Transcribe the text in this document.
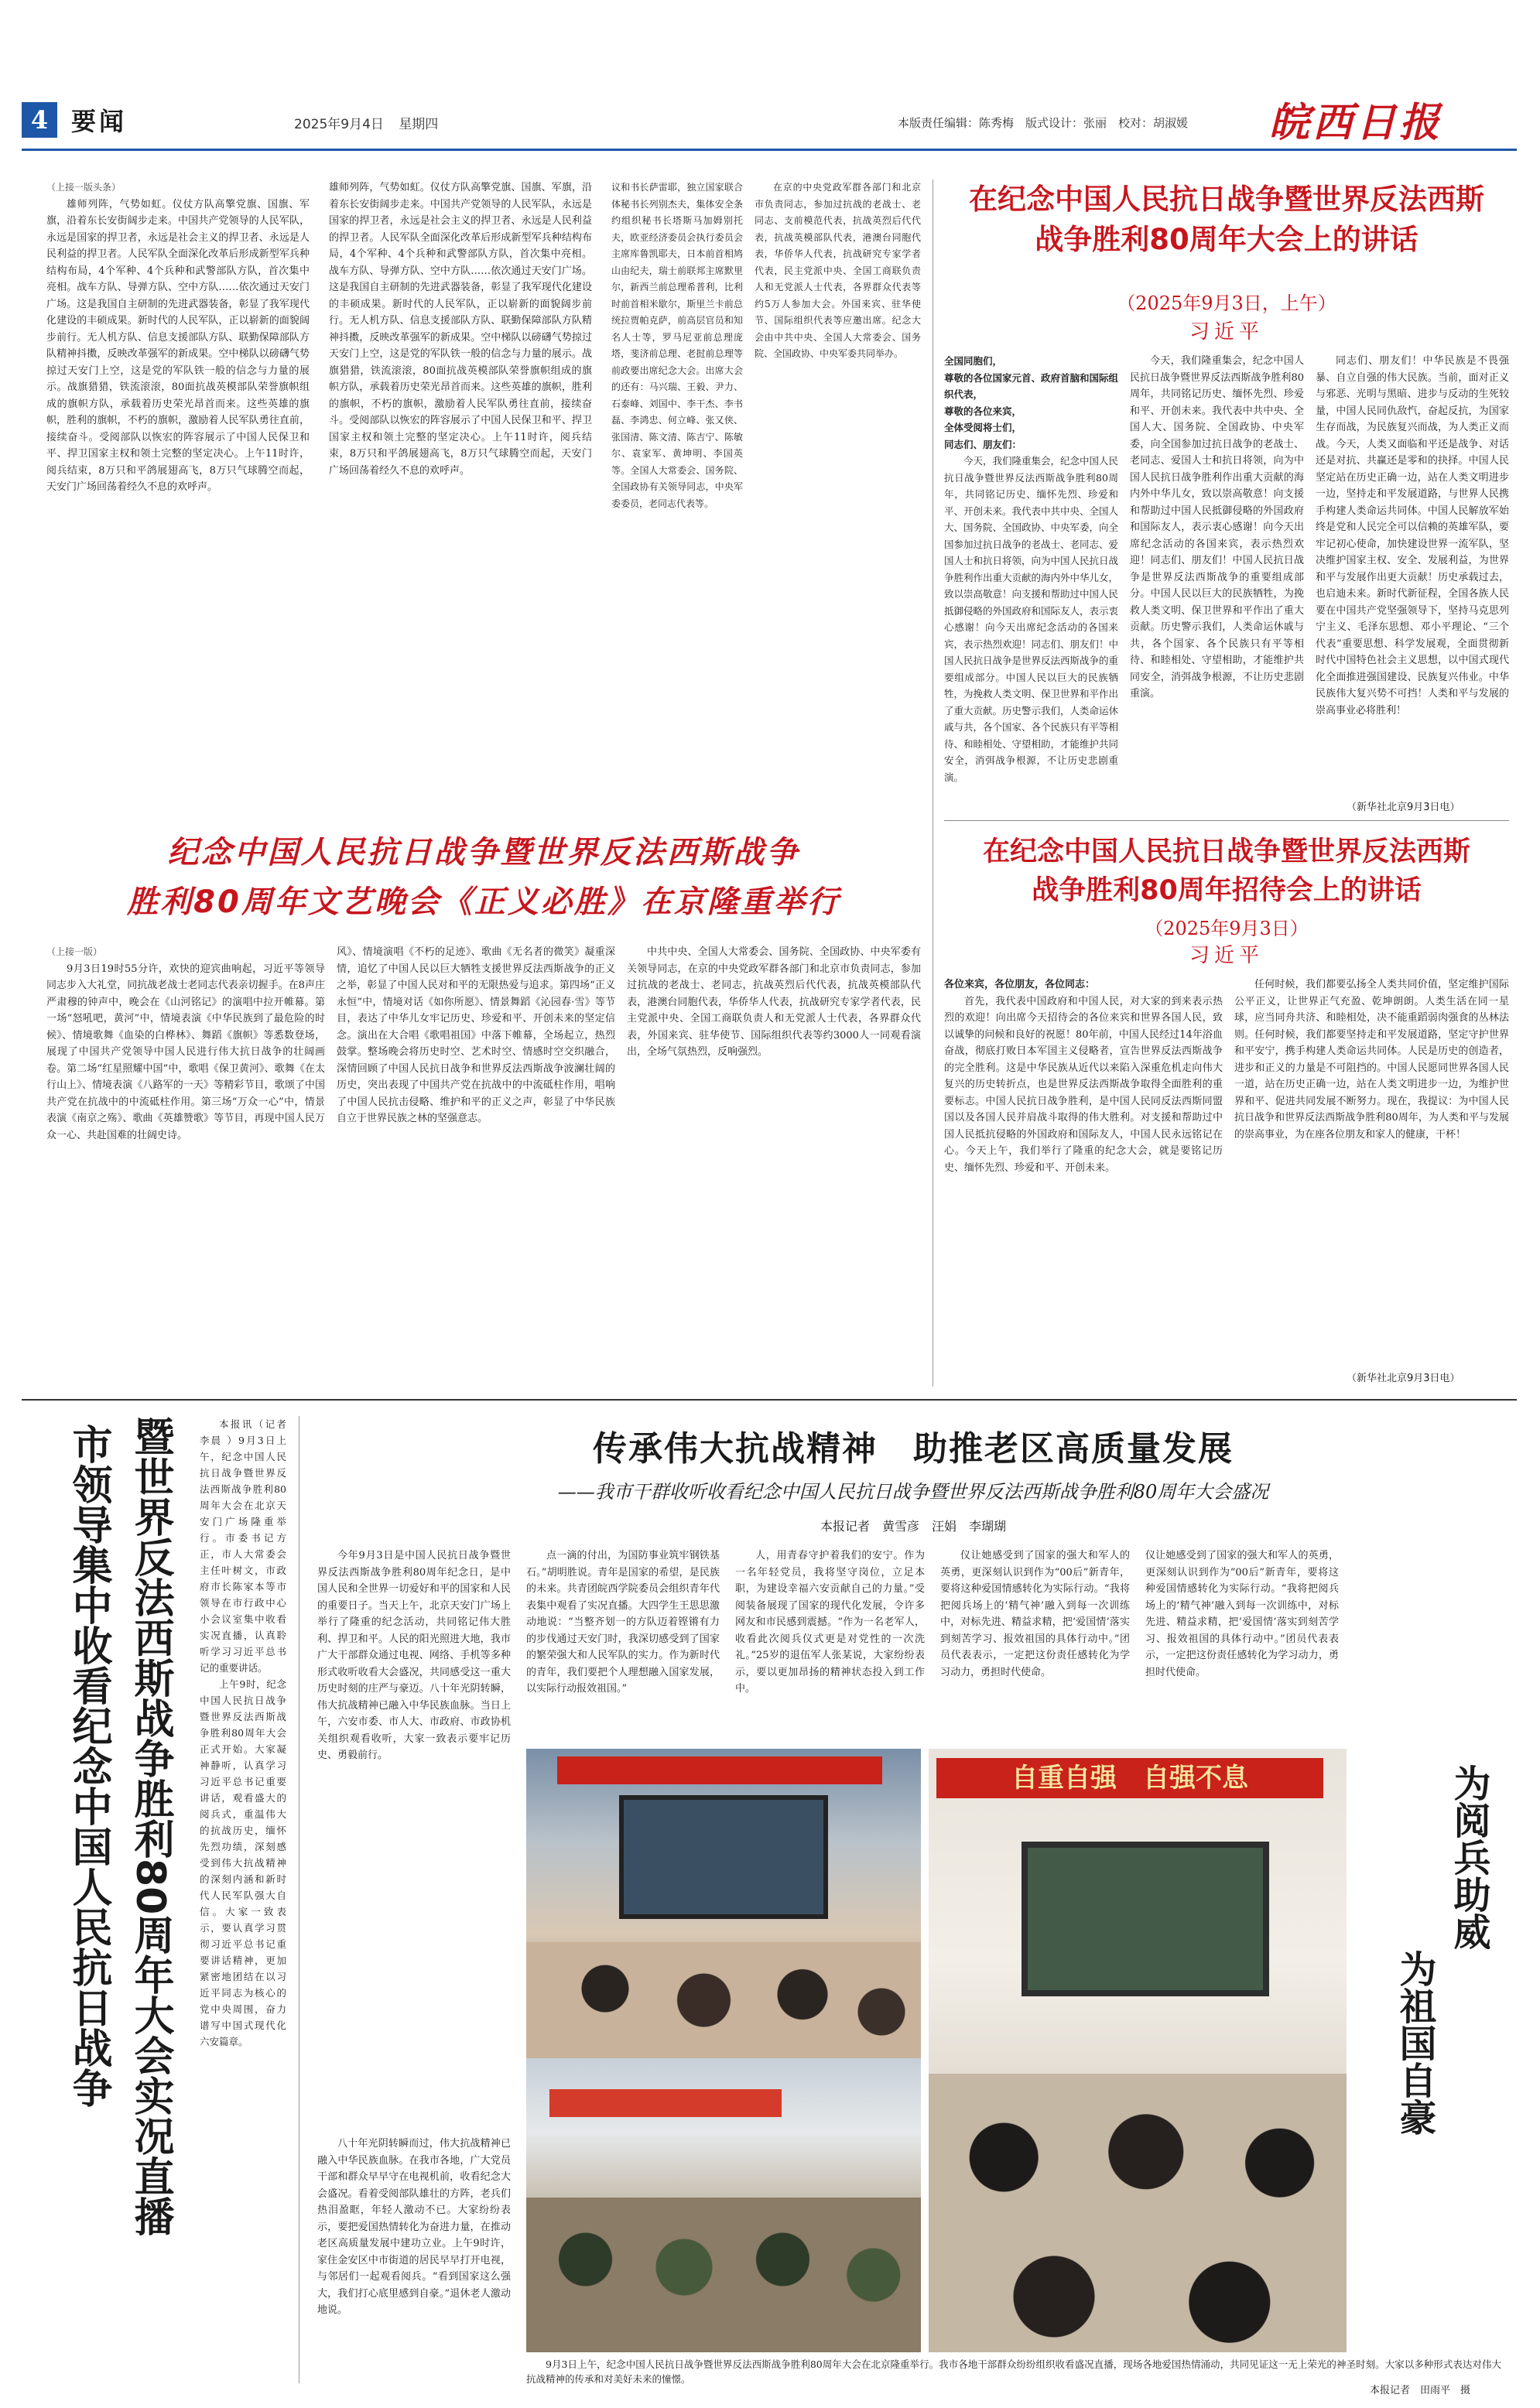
4 要闻	2025年9月4日 星期四	本版责任编辑：陈秀梅　版式设计：张丽　校对：胡淑媛 皖西日报
（上接一版头条）

雄师列阵，气势如虹。仪仗方队高擎党旗、国旗、军旗，沿着东长安街阔步走来。中国共产党领导的人民军队，永远是国家的捍卫者，永远是社会主义的捍卫者、永远是人民利益的捍卫者。人民军队全面深化改革后形成新型军兵种结构布局，4个军种、4个兵种和武警部队方队，首次集中亮相。战车方队、导弹方队、空中方队……依次通过天安门广场。这是我国自主研制的先进武器装备，彰显了我军现代化建设的丰硕成果。新时代的人民军队，正以崭新的面貌阔步前行。无人机方队、信息支援部队方队、联勤保障部队方队精神抖擞，反映改革强军的新成果。空中梯队以磅礴气势掠过天安门上空，这是党的军队铁一般的信念与力量的展示。战旗猎猎，铁流滚滚，80面抗战英模部队荣誉旗帜组成的旗帜方队，承载着历史荣光昂首而来。这些英雄的旗帜，胜利的旗帜，不朽的旗帜，激励着人民军队勇往直前，接续奋斗。受阅部队以恢宏的阵容展示了中国人民保卫和平、捍卫国家主权和领土完整的坚定决心。上午11时许，阅兵结束，8万只和平鸽展翅高飞，8万只气球腾空而起，天安门广场回荡着经久不息的欢呼声。

雄师列阵，气势如虹。仪仗方队高擎党旗、国旗、军旗，沿着东长安街阔步走来。中国共产党领导的人民军队，永远是国家的捍卫者，永远是社会主义的捍卫者、永远是人民利益的捍卫者。人民军队全面深化改革后形成新型军兵种结构布局，4个军种、4个兵种和武警部队方队，首次集中亮相。战车方队、导弹方队、空中方队……依次通过天安门广场。这是我国自主研制的先进武器装备，彰显了我军现代化建设的丰硕成果。新时代的人民军队，正以崭新的面貌阔步前行。无人机方队、信息支援部队方队、联勤保障部队方队精神抖擞，反映改革强军的新成果。空中梯队以磅礴气势掠过天安门上空，这是党的军队铁一般的信念与力量的展示。战旗猎猎，铁流滚滚，80面抗战英模部队荣誉旗帜组成的旗帜方队，承载着历史荣光昂首而来。这些英雄的旗帜，胜利的旗帜，不朽的旗帜，激励着人民军队勇往直前，接续奋斗。受阅部队以恢宏的阵容展示了中国人民保卫和平、捍卫国家主权和领土完整的坚定决心。上午11时许，阅兵结束，8万只和平鸽展翅高飞，8万只气球腾空而起，天安门广场回荡着经久不息的欢呼声。

议和书长萨雷耶，独立国家联合体秘书长列别杰夫，集体安全条约组织秘书长塔斯马加姆别托夫，欧亚经济委员会执行委员会主席库鲁凯耶夫，日本前首相鸠山由纪夫，瑞士前联邦主席默里尔，新西兰前总理希普利，比利时前首相米歇尔，斯里兰卡前总统拉贾帕克萨，前高层官员和知名人士等，罗马尼亚前总理庞塔，斐济前总理、老挝前总理等前政要出席纪念大会。出席大会的还有：马兴瑞、王毅、尹力、石泰峰、刘国中、李干杰、李书磊、李鸿忠、何立峰、张又侠、张国清、陈文清、陈吉宁、陈敏尔、袁家军、黄坤明、李国英等。全国人大常委会、国务院、全国政协有关领导同志，中央军委委员，老同志代表等。

在京的中央党政军群各部门和北京市负责同志，参加过抗战的老战士、老同志、支前模范代表，抗战英烈后代代表，抗战英模部队代表，港澳台同胞代表，华侨华人代表，抗战研究专家学者代表，民主党派中央、全国工商联负责人和无党派人士代表，各界群众代表等约5万人参加大会。外国来宾、驻华使节、国际组织代表等应邀出席。纪念大会由中共中央、全国人大常委会、国务院、全国政协、中央军委共同举办。

在纪念中国人民抗日战争暨世界反法西斯
战争胜利80周年大会上的讲话
（2025年9月3日，上午）
习近平
全国同胞们，
尊敬的各位国家元首、政府首脑和国际组织代表，
尊敬的各位来宾，
全体受阅将士们，
同志们、朋友们：

今天，我们隆重集会，纪念中国人民抗日战争暨世界反法西斯战争胜利80周年，共同铭记历史、缅怀先烈、珍爱和平、开创未来。我代表中共中央、全国人大、国务院、全国政协、中央军委，向全国参加过抗日战争的老战士、老同志、爱国人士和抗日将领，向为中国人民抗日战争胜利作出重大贡献的海内外中华儿女，致以崇高敬意！向支援和帮助过中国人民抵御侵略的外国政府和国际友人，表示衷心感谢！向今天出席纪念活动的各国来宾，表示热烈欢迎！同志们、朋友们！中国人民抗日战争是世界反法西斯战争的重要组成部分。中国人民以巨大的民族牺牲，为挽救人类文明、保卫世界和平作出了重大贡献。历史警示我们，人类命运休戚与共，各个国家、各个民族只有平等相待、和睦相处、守望相助，才能维护共同安全，消弭战争根源，不让历史悲剧重演。

今天，我们隆重集会，纪念中国人民抗日战争暨世界反法西斯战争胜利80周年，共同铭记历史、缅怀先烈、珍爱和平、开创未来。我代表中共中央、全国人大、国务院、全国政协、中央军委，向全国参加过抗日战争的老战士、老同志、爱国人士和抗日将领，向为中国人民抗日战争胜利作出重大贡献的海内外中华儿女，致以崇高敬意！向支援和帮助过中国人民抵御侵略的外国政府和国际友人，表示衷心感谢！向今天出席纪念活动的各国来宾，表示热烈欢迎！同志们、朋友们！中国人民抗日战争是世界反法西斯战争的重要组成部分。中国人民以巨大的民族牺牲，为挽救人类文明、保卫世界和平作出了重大贡献。历史警示我们，人类命运休戚与共，各个国家、各个民族只有平等相待、和睦相处、守望相助，才能维护共同安全，消弭战争根源，不让历史悲剧重演。

同志们、朋友们！中华民族是不畏强暴、自立自强的伟大民族。当前，面对正义与邪恶、光明与黑暗、进步与反动的生死较量，中国人民同仇敌忾，奋起反抗，为国家生存而战，为民族复兴而战，为人类正义而战。今天，人类又面临和平还是战争、对话还是对抗、共赢还是零和的抉择。中国人民坚定站在历史正确一边，站在人类文明进步一边，坚持走和平发展道路，与世界人民携手构建人类命运共同体。中国人民解放军始终是党和人民完全可以信赖的英雄军队，要牢记初心使命，加快建设世界一流军队，坚决维护国家主权、安全、发展利益，为世界和平与发展作出更大贡献！历史承载过去，也启迪未来。新时代新征程，全国各族人民要在中国共产党坚强领导下，坚持马克思列宁主义、毛泽东思想、邓小平理论、“三个代表”重要思想、科学发展观，全面贯彻新时代中国特色社会主义思想，以中国式现代化全面推进强国建设、民族复兴伟业。中华民族伟大复兴势不可挡！人类和平与发展的崇高事业必将胜利！

（新华社北京9月3日电）
在纪念中国人民抗日战争暨世界反法西斯
战争胜利80周年招待会上的讲话
（2025年9月3日）
习近平
各位来宾，各位朋友，各位同志：

首先，我代表中国政府和中国人民，对大家的到来表示热烈的欢迎！向出席今天招待会的各位来宾和世界各国人民，致以诚挚的问候和良好的祝愿！80年前，中国人民经过14年浴血奋战，彻底打败日本军国主义侵略者，宣告世界反法西斯战争的完全胜利。这是中华民族从近代以来陷入深重危机走向伟大复兴的历史转折点，也是世界反法西斯战争取得全面胜利的重要标志。中国人民抗日战争胜利，是中国人民同反法西斯同盟国以及各国人民并肩战斗取得的伟大胜利。对支援和帮助过中国人民抵抗侵略的外国政府和国际友人，中国人民永远铭记在心。今天上午，我们举行了隆重的纪念大会，就是要铭记历史、缅怀先烈、珍爱和平、开创未来。

任何时候，我们都要弘扬全人类共同价值，坚定维护国际公平正义，让世界正气充盈、乾坤朗朗。人类生活在同一星球，应当同舟共济、和睦相处，决不能重蹈弱肉强食的丛林法则。任何时候，我们都要坚持走和平发展道路，坚定守护世界和平安宁，携手构建人类命运共同体。人民是历史的创造者，进步和正义的力量是不可阻挡的。中国人民愿同世界各国人民一道，站在历史正确一边，站在人类文明进步一边，为维护世界和平、促进共同发展不断努力。现在，我提议：为中国人民抗日战争和世界反法西斯战争胜利80周年，为人类和平与发展的崇高事业，为在座各位朋友和家人的健康，干杯！

（新华社北京9月3日电）
纪念中国人民抗日战争暨世界反法西斯战争
胜利80周年文艺晚会《正义必胜》在京隆重举行
（上接一版）

9月3日19时55分许，欢快的迎宾曲响起，习近平等领导同志步入大礼堂，同抗战老战士老同志代表亲切握手。在8声庄严肃穆的钟声中，晚会在《山河铭记》的演唱中拉开帷幕。第一场“怒吼吧，黄河”中，情境表演《中华民族到了最危险的时候》、情境歌舞《血染的白桦林》、舞蹈《旗帜》等悉数登场，展现了中国共产党领导中国人民进行伟大抗日战争的壮阔画卷。第二场“红星照耀中国”中，歌唱《保卫黄河》、歌舞《在太行山上》、情境表演《八路军的一天》等精彩节目，歌颂了中国共产党在抗战中的中流砥柱作用。第三场“万众一心”中，情景表演《南京之殇》、歌曲《英雄赞歌》等节目，再现中国人民万众一心、共赴国难的壮阔史诗。

风》、情境演唱《不朽的足迹》、歌曲《无名者的微笑》凝重深情，追忆了中国人民以巨大牺牲支援世界反法西斯战争的正义之举，彰显了中国人民对和平的无限热爱与追求。第四场“正义永恒”中，情境对话《如你所愿》、情景舞蹈《沁园春·雪》等节目，表达了中华儿女牢记历史、珍爱和平、开创未来的坚定信念。演出在大合唱《歌唱祖国》中落下帷幕，全场起立，热烈鼓掌。整场晚会将历史时空、艺术时空、情感时空交织融合，深情回顾了中国人民抗日战争和世界反法西斯战争波澜壮阔的历史，突出表现了中国共产党在抗战中的中流砥柱作用，唱响了中国人民抗击侵略、维护和平的正义之声，彰显了中华民族自立于世界民族之林的坚强意志。

中共中央、全国人大常委会、国务院、全国政协、中央军委有关领导同志，在京的中央党政军群各部门和北京市负责同志，参加过抗战的老战士、老同志，抗战英烈后代代表，抗战英模部队代表，港澳台同胞代表，华侨华人代表，抗战研究专家学者代表，民主党派中央、全国工商联负责人和无党派人士代表，各界群众代表，外国来宾、驻华使节、国际组织代表等约3000人一同观看演出，全场气氛热烈，反响强烈。

本报讯（记者 李晨 ）9月3日上午，纪念中国人民抗日战争暨世界反法西斯战争胜利80周年大会在北京天安门广场隆重举行。市委书记方正，市人大常委会主任叶树文，市政府市长陈家本等市领导在市行政中心小会议室集中收看实况直播，认真聆听学习习近平总书记的重要讲话。

上午9时，纪念中国人民抗日战争暨世界反法西斯战争胜利80周年大会正式开始。大家凝神静听，认真学习习近平总书记重要讲话，观看盛大的阅兵式，重温伟大的抗战历史，缅怀先烈功绩，深刻感受到伟大抗战精神的深刻内涵和新时代人民军队强大自信。大家一致表示，要认真学习贯彻习近平总书记重要讲话精神，更加紧密地团结在以习近平同志为核心的党中央周围，奋力谱写中国式现代化六安篇章。

市领导集中收看纪念中国人民抗日战争 暨世界反法西斯战争胜利80周年大会实况直播	传承伟大抗战精神　助推老区高质量发展
——我市干群收听收看纪念中国人民抗日战争暨世界反法西斯战争胜利80周年大会盛况
本报记者　黄雪彦　汪娟　李瑚瑚

今年9月3日是中国人民抗日战争暨世界反法西斯战争胜利80周年纪念日，是中国人民和全世界一切爱好和平的国家和人民的重要日子。当天上午，北京天安门广场上举行了隆重的纪念活动，共同铭记伟大胜利、捍卫和平。人民的阳光照进大地，我市广大干部群众通过电视、网络、手机等多种形式收听收看大会盛况，共同感受这一重大历史时刻的庄严与豪迈。八十年光阴转瞬，伟大抗战精神已融入中华民族血脉。当日上午，六安市委、市人大、市政府、市政协机关组织观看收听，大家一致表示要牢记历史、勇毅前行。

八十年光阴转瞬而过，伟大抗战精神已融入中华民族血脉。在我市各地，广大党员干部和群众早早守在电视机前，收看纪念大会盛况。看着受阅部队雄壮的方阵，老兵们热泪盈眶，年轻人激动不已。大家纷纷表示，要把爱国热情转化为奋进力量，在推动老区高质量发展中建功立业。上午9时许，家住金安区中市街道的居民早早打开电视，与邻居们一起观看阅兵。“看到国家这么强大，我们打心底里感到自豪。”退休老人激动地说。

点一滴的付出，为国防事业筑牢钢铁基石。”胡明胜说。青年是国家的希望，是民族的未来。共青团皖西学院委员会组织青年代表集中观看了实况直播。大四学生王思思激动地说：“当整齐划一的方队迈着铿锵有力的步伐通过天安门时，我深切感受到了国家的繁荣强大和人民军队的实力。作为新时代的青年，我们要把个人理想融入国家发展，以实际行动报效祖国。”

人，用青春守护着我们的安宁。作为一名年轻党员，我将坚守岗位，立足本职，为建设幸福六安贡献自己的力量。”受阅装备展现了国家的现代化发展，令许多网友和市民感到震撼。“作为一名老军人，收看此次阅兵仪式更是对党性的一次洗礼。”25岁的退伍军人张某说，大家纷纷表示，要以更加昂扬的精神状态投入到工作中。

仪让她感受到了国家的强大和军人的英勇，更深刻认识到作为“00后”新青年，要将这种爱国情感转化为实际行动。“我将把阅兵场上的‘精气神’融入到每一次训练中，对标先进、精益求精，把‘爱国情’落实到刻苦学习、报效祖国的具体行动中。”团员代表表示，一定把这份责任感转化为学习动力，勇担时代使命。

仪让她感受到了国家的强大和军人的英勇，更深刻认识到作为“00后”新青年，要将这种爱国情感转化为实际行动。“我将把阅兵场上的‘精气神’融入到每一次训练中，对标先进、精益求精，把‘爱国情’落实到刻苦学习、报效祖国的具体行动中。”团员代表表示，一定把这份责任感转化为学习动力，勇担时代使命。

自重自强　自强不息	为阅兵助威
为祖国自豪

9月3日上午，纪念中国人民抗日战争暨世界反法西斯战争胜利80周年大会在北京隆重举行。我市各地干部群众纷纷组织收看盛况直播，现场各地爱国热情涌动，共同见证这一无上荣光的神圣时刻。大家以多种形式表达对伟大抗战精神的传承和对美好未来的憧憬。

本报记者　田雨平　摄
